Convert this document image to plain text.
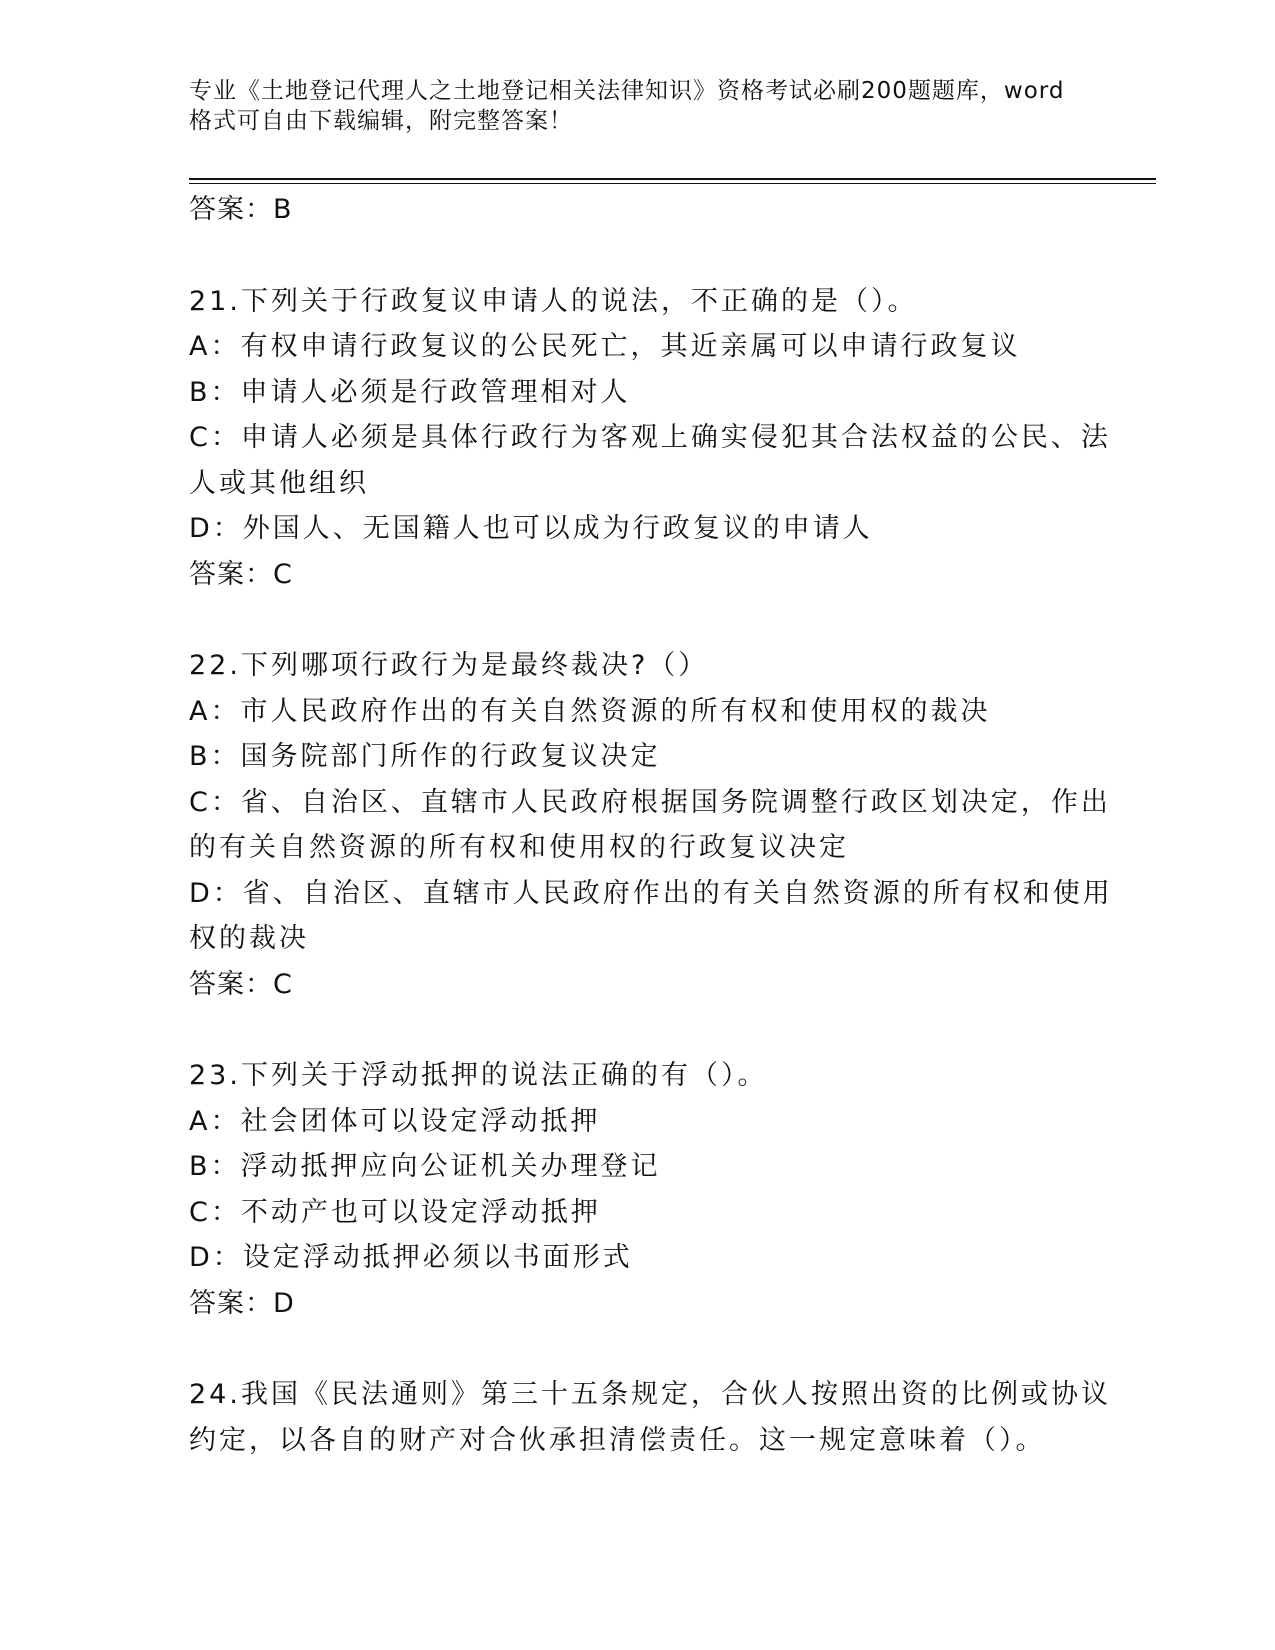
专业《土地登记代理人之土地登记相关法律知识》资格考试必刷200题题库，word
格式可自由下载编辑，附完整答案！
答案：B
21.下列关于行政复议申请人的说法，不正确的是（）。
A：有权申请行政复议的公民死亡，其近亲属可以申请行政复议
B：申请人必须是行政管理相对人
C：申请人必须是具体行政行为客观上确实侵犯其合法权益的公民、法
人或其他组织
D：外国人、无国籍人也可以成为行政复议的申请人
答案：C
22.下列哪项行政行为是最终裁决?（）
A：市人民政府作出的有关自然资源的所有权和使用权的裁决
B：国务院部门所作的行政复议决定
C：省、自治区、直辖市人民政府根据国务院调整行政区划决定，作出
的有关自然资源的所有权和使用权的行政复议决定
D：省、自治区、直辖市人民政府作出的有关自然资源的所有权和使用
权的裁决
答案：C
23.下列关于浮动抵押的说法正确的有（）。
A：社会团体可以设定浮动抵押
B：浮动抵押应向公证机关办理登记
C：不动产也可以设定浮动抵押
D：设定浮动抵押必须以书面形式
答案：D
24.我国《民法通则》第三十五条规定，合伙人按照出资的比例或协议
约定，以各自的财产对合伙承担清偿责任。这一规定意味着（）。
